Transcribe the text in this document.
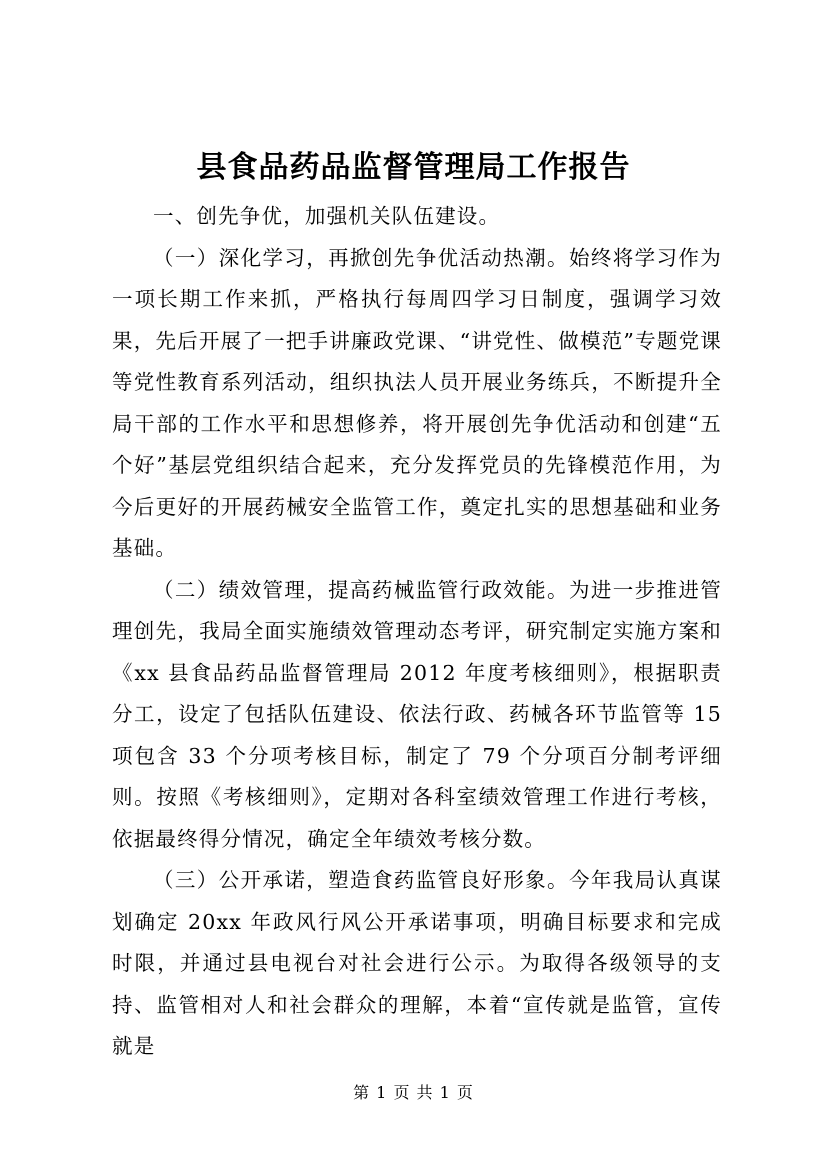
县食品药品监督管理局工作报告

一、创先争优，加强机关队伍建设。

（一）深化学习，再掀创先争优活动热潮。始终将学习作为一项长期工作来抓，严格执行每周四学习日制度，强调学习效果，先后开展了一把手讲廉政党课、“讲党性、做模范”专题党课等党性教育系列活动，组织执法人员开展业务练兵，不断提升全局干部的工作水平和思想修养，将开展创先争优活动和创建“五个好”基层党组织结合起来，充分发挥党员的先锋模范作用，为今后更好的开展药械安全监管工作，奠定扎实的思想基础和业务基础。

（二）绩效管理，提高药械监管行政效能。为进一步推进管理创先，我局全面实施绩效管理动态考评，研究制定实施方案和《xx 县食品药品监督管理局 2012 年度考核细则》，根据职责分工，设定了包括队伍建设、依法行政、药械各环节监管等 15 项包含 33 个分项考核目标，制定了 79 个分项百分制考评细则。按照《考核细则》，定期对各科室绩效管理工作进行考核，依据最终得分情况，确定全年绩效考核分数。

（三）公开承诺，塑造食药监管良好形象。今年我局认真谋划确定 20xx 年政风行风公开承诺事项，明确目标要求和完成时限，并通过县电视台对社会进行公示。为取得各级领导的支持、监管相对人和社会群众的理解，本着“宣传就是监管，宣传就是

第 1 页 共 1 页
